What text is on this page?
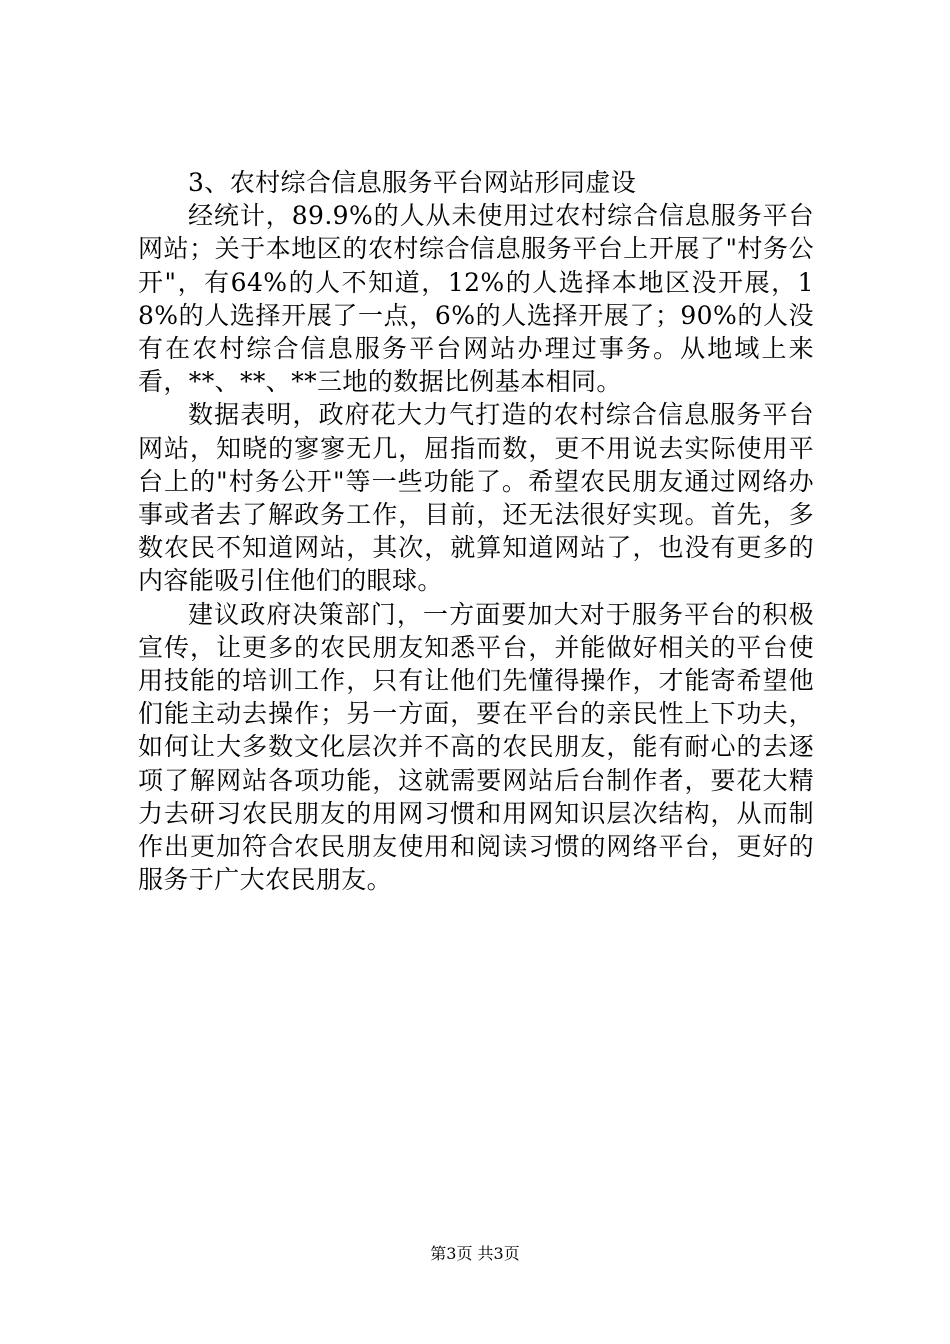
3、农村综合信息服务平台网站形同虚设

经统计，89.9%的人从未使用过农村综合信息服务平台网站；关于本地区的农村综合信息服务平台上开展了"村务公开"，有64%的人不知道，12%的人选择本地区没开展，18%的人选择开展了一点，6%的人选择开展了；90%的人没有在农村综合信息服务平台网站办理过事务。从地域上来看，**、**、**三地的数据比例基本相同。

数据表明，政府花大力气打造的农村综合信息服务平台网站，知晓的寥寥无几，屈指而数，更不用说去实际使用平台上的"村务公开"等一些功能了。希望农民朋友通过网络办事或者去了解政务工作，目前，还无法很好实现。首先，多数农民不知道网站，其次，就算知道网站了，也没有更多的内容能吸引住他们的眼球。

建议政府决策部门，一方面要加大对于服务平台的积极宣传，让更多的农民朋友知悉平台，并能做好相关的平台使用技能的培训工作，只有让他们先懂得操作，才能寄希望他们能主动去操作；另一方面，要在平台的亲民性上下功夫，如何让大多数文化层次并不高的农民朋友，能有耐心的去逐项了解网站各项功能，这就需要网站后台制作者，要花大精力去研习农民朋友的用网习惯和用网知识层次结构，从而制作出更加符合农民朋友使用和阅读习惯的网络平台，更好的服务于广大农民朋友。

第3页 共3页
